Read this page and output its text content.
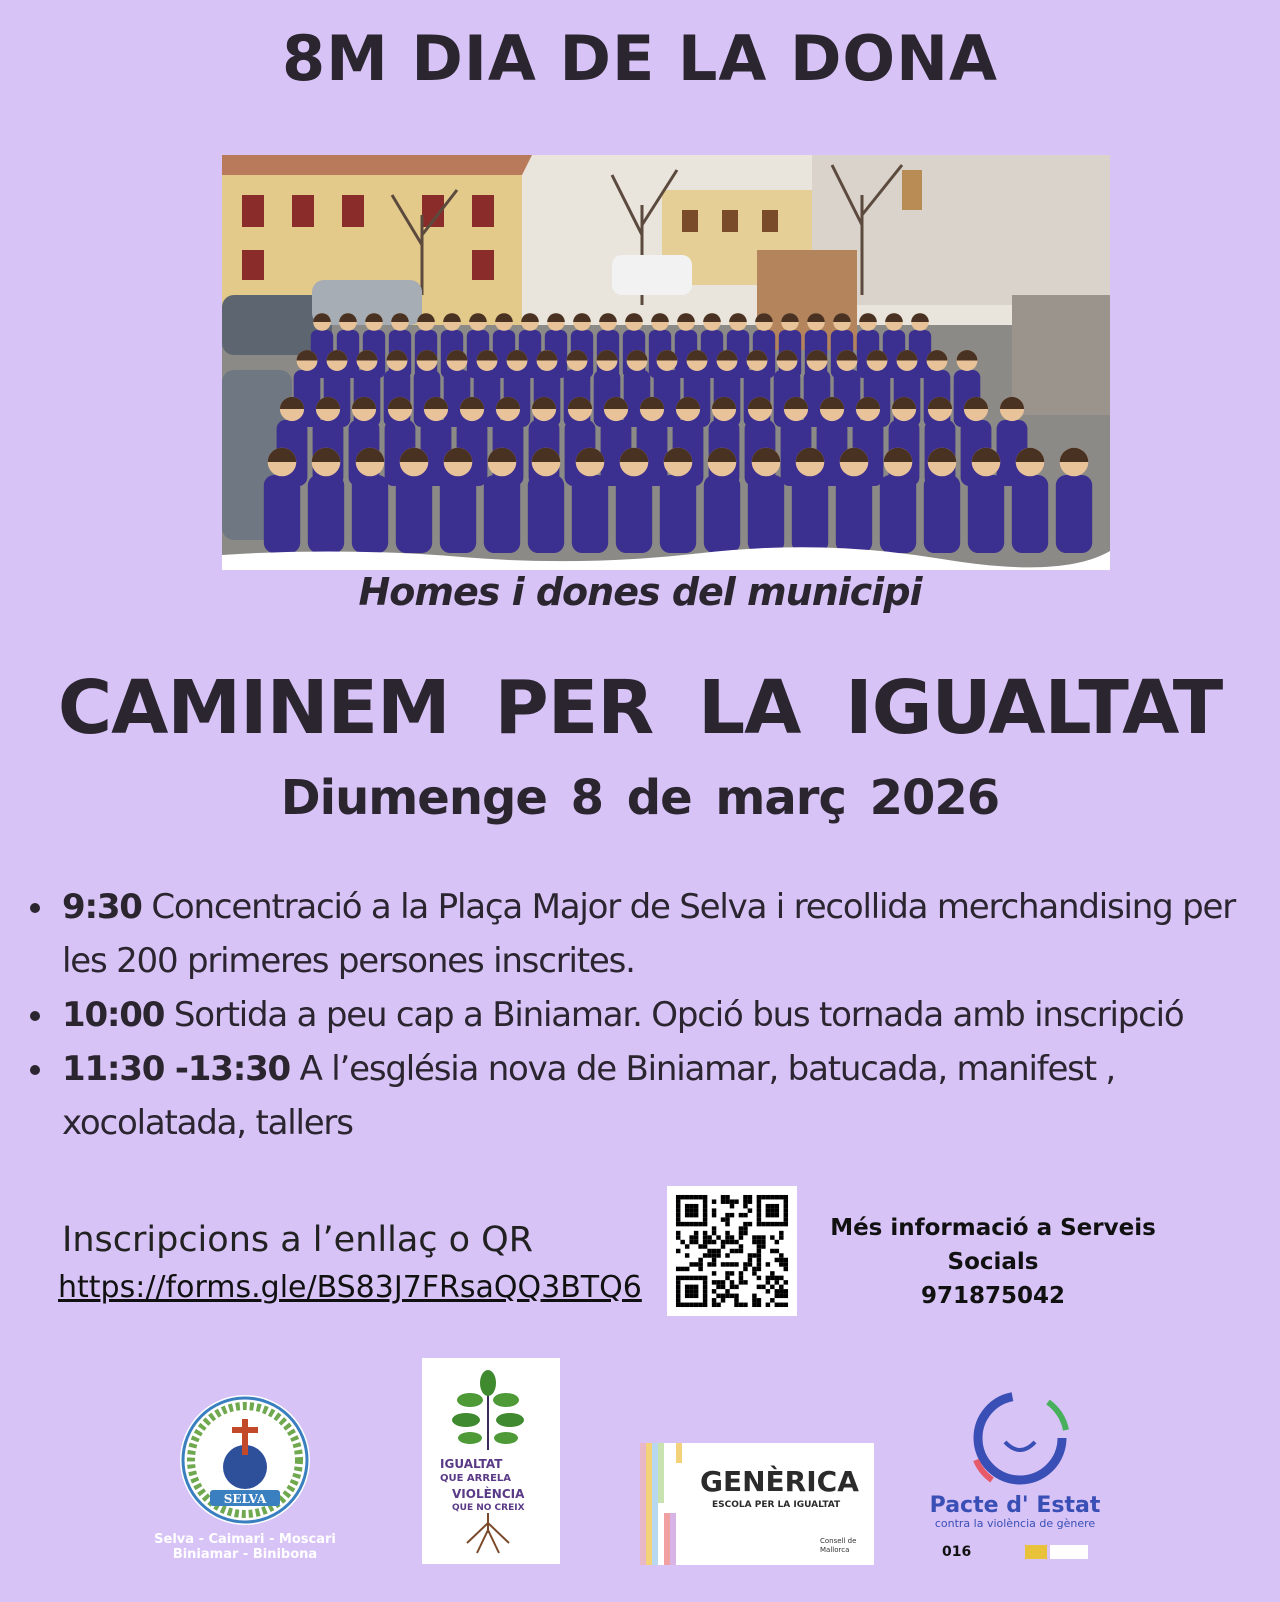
8M DIA DE LA DONA
Homes i dones del municipi
CAMINEM PER LA IGUALTAT
Diumenge 8 de març 2026
9:30 Concentració a la Plaça Major de Selva i recollida merchandising per les 200 primeres persones inscrites.
10:00 Sortida a peu cap a Biniamar. Opció bus tornada amb inscripció
11:30 -13:30 A l’església nova de Biniamar, batucada, manifest , xocolatada, tallers
Inscripcions a l’enllaç o QR
https://forms.gle/BS83J7FRsaQQ3BTQ6
Més informació a Serveis
Socials
971875042
SELVA
Selva - Caimari - Moscari
Biniamar - Binibona
IGUALTAT
QUE ARRELA
VIOLÈNCIA
QUE NO CREIX
GENÈRICA
ESCOLA PER LA IGUALTAT
Consell de
Mallorca
Pacte d' Estat
contra la violència de gènere
016
